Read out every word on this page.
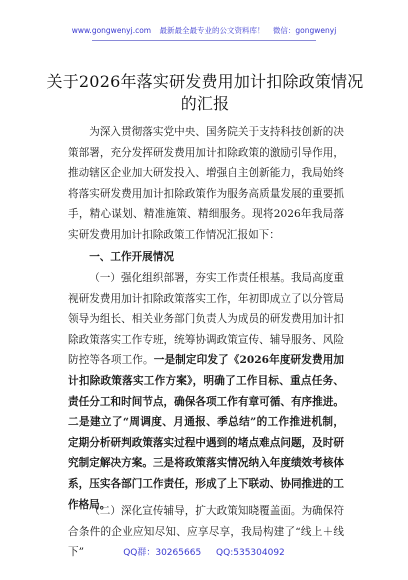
www.gongwenyj.com 最新最全最专业的公文资料库！ 微信：gongwenyj
关于2026年落实研发费用加计扣除政策情况
的汇报

为深入贯彻落实党中央、国务院关于支持科技创新的决策部署，充分发挥研发费用加计扣除政策的激励引导作用，推动辖区企业加大研发投入、增强自主创新能力，我局始终将落实研发费用加计扣除政策作为服务高质量发展的重要抓手，精心谋划、精准施策、精细服务。现将2026年我局落实研发费用加计扣除政策工作情况汇报如下：

一、工作开展情况

（一）强化组织部署，夯实工作责任根基。我局高度重视研发费用加计扣除政策落实工作，年初即成立了以分管局领导为组长、相关业务部门负责人为成员的研发费用加计扣除政策落实工作专班，统筹协调政策宣传、辅导服务、风险防控等各项工作。一是制定印发了《2026年度研发费用加计扣除政策落实工作方案》，明确了工作目标、重点任务、责任分工和时间节点，确保各项工作有章可循、有序推进。二是建立了“周调度、月通报、季总结”的工作推进机制，定期分析研判政策落实过程中遇到的堵点难点问题，及时研究制定解决方案。三是将政策落实情况纳入年度绩效考核体系，压实各部门工作责任，形成了上下联动、协同推进的工作格局。

（二）深化宣传辅导，扩大政策知晓覆盖面。为确保符合条件的企业应知尽知、应享尽享，我局构建了“线上＋线下”	QQ群：30265665 QQ:535304092
